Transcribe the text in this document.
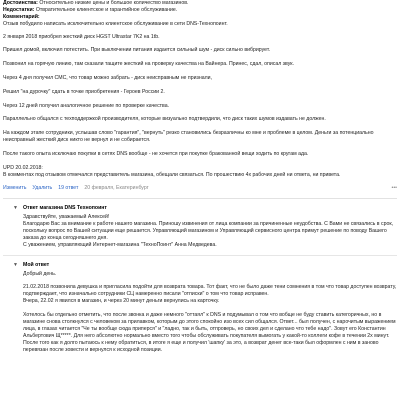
Достоинства: Относительно низкие цены и большое количество магазинов.
Недостатки: Отвратительное клиентское и гарантийное обслуживание.
Комментарий:
Отзыв побудило написать исключительно клиентское обслуживание в сети DNS-Технопоинт.
2 января 2018 приобрел жесткий диск HGST Ultrastar 7K2 на 1tb.
Пришел домой, включил потестить. При выключении питания издается сильный шум - диск сильно вибрирует.
Позвонил на горячую линию, там сказали тащите жесткий на проверку качества на Вайнера. Принес, сдал, описал звук.
Через 4 дня получил СМС, что товар можно забрать - диск неисправным не признали,
Решил "на дурочку" сдать в точке приобретения - Героев России 2.
Через 12 дней получил аналогичное решение по проверке качества.
Параллельно общался с техподдержкой производителя, которые визуально подтвердили, что диск таких шумов издавать не должен.
На каждом этапе сотрудники, услышав слово "гарантия", "вернуть" резко становились безразличны ко мне и проблеме в целом. Деньги за потенциально неисправный жесткий диск никто не вернул и не собирается.
После такого опыта исключаю покупки в сетях DNS вообще - не хочется при покупке бракованной вещи ходить по кругам ада.
UPD 20.02.2018:
В комментах под отзывом отмечался представитель магазина, обещали связаться. По прошествию 4х рабочих дней ни ответа, ни привета.
Изменить Удалить 19 ответ 20 февраля, Екатеринбург	•••
▼ Ответ магазина DNS Технопоинт
Здравствуйте, уважаемый Алексей!
Благодарю Вас за внимание к работе нашего магазина. Приношу извинения от лица компании за причиненные неудобства. С Вами не связались в срок, поскольку вопрос по Вашей ситуации еще решается. Управляющий магазином и Управляющий сервисного центра примут решение по поводу Вашего заказа до конца сегодняшнего дня.
С уважением, управляющий Интернет-магазина "ТехноПоинт" Анна Медведева.
▼ Мой ответ
Добрый день.
21.02.2018 позвонила девушка и пригласила подойти для возврата товара. Тот факт, что не было даже тени сомнения в том что товар доступен возврату, подтверждает, что изначально сотрудники СЦ намеренно писали "отписки" о том что товар исправен.
Вчера, 22.02 я явился в магазин, и через 20 минут деньги вернулись на карточку.
Хотелось бы отдельно отметить, что после звонка и даже немного "оттаял" к DNS и подумывал о том что вобще не буду ставить категоричных, но в магазине снова столкнулся с человеком за прилавком, которым до этого спокойно изо всех сил общался. Ответ... был получен, с нарочитым выражением лица, в глазах читается "Че ты вообще сюда приперся" и "ладно, так и быть, отпроверь, но своих дел и сделано что тебе надо". Зовут его Константин Альбертович Щ*****. Для него абсолютно нормально вместо того чтобы обслуживать покупателя вымогать у какой-то коллеги кофе в течении 2х минут. После того как я долго пытаюсь к нему обратиться, в итоге я еще и получил 'шапку' за это, а возврат денег все-таки был оформлен с ним в заново перевязан после зовести и вернулся к исходной позиции.
